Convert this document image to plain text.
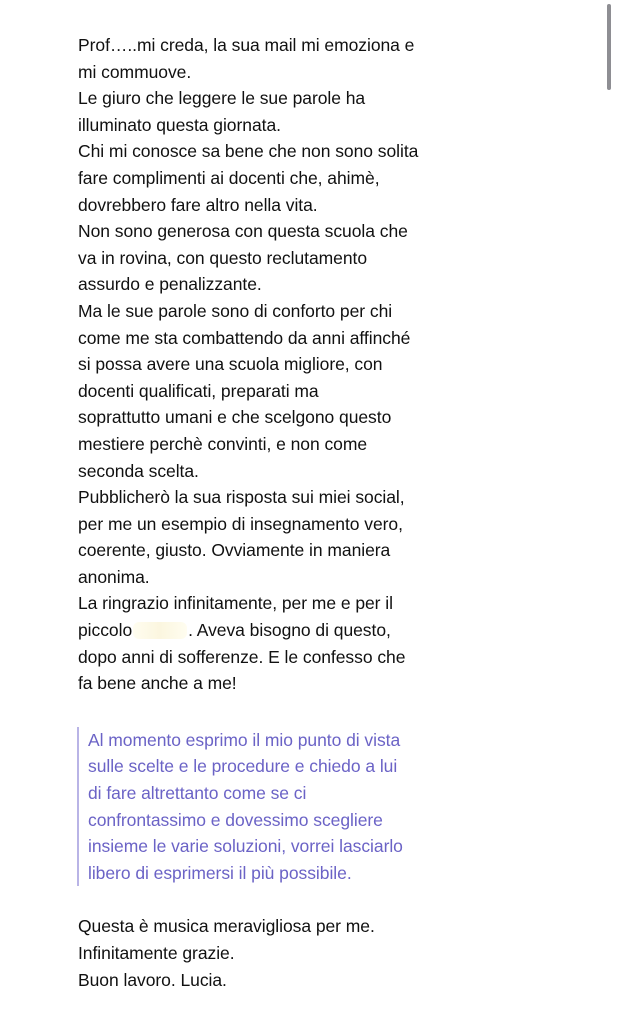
Prof…..mi creda, la sua mail mi emoziona e
mi commuove.
Le giuro che leggere le sue parole ha
illuminato questa giornata.
Chi mi conosce sa bene che non sono solita
fare complimenti ai docenti che, ahimè,
dovrebbero fare altro nella vita.
Non sono generosa con questa scuola che
va in rovina, con questo reclutamento
assurdo e penalizzante.
Ma le sue parole sono di conforto per chi
come me sta combattendo da anni affinché
si possa avere una scuola migliore, con
docenti qualificati, preparati ma
soprattutto umani e che scelgono questo
mestiere perchè convinti, e non come
seconda scelta.
Pubblicherò la sua risposta sui miei social,
per me un esempio di insegnamento vero,
coerente, giusto. Ovviamente in maniera
anonima.
La ringrazio infinitamente, per me e per il
piccolo	. Aveva bisogno di questo,
dopo anni di sofferenze. E le confesso che
fa bene anche a me!
Al momento esprimo il mio punto di vista
sulle scelte e le procedure e chiedo a lui
di fare altrettanto come se ci
confrontassimo e dovessimo scegliere
insieme le varie soluzioni, vorrei lasciarlo
libero di esprimersi il più possibile.
Questa è musica meravigliosa per me.
Infinitamente grazie.
Buon lavoro. Lucia.
